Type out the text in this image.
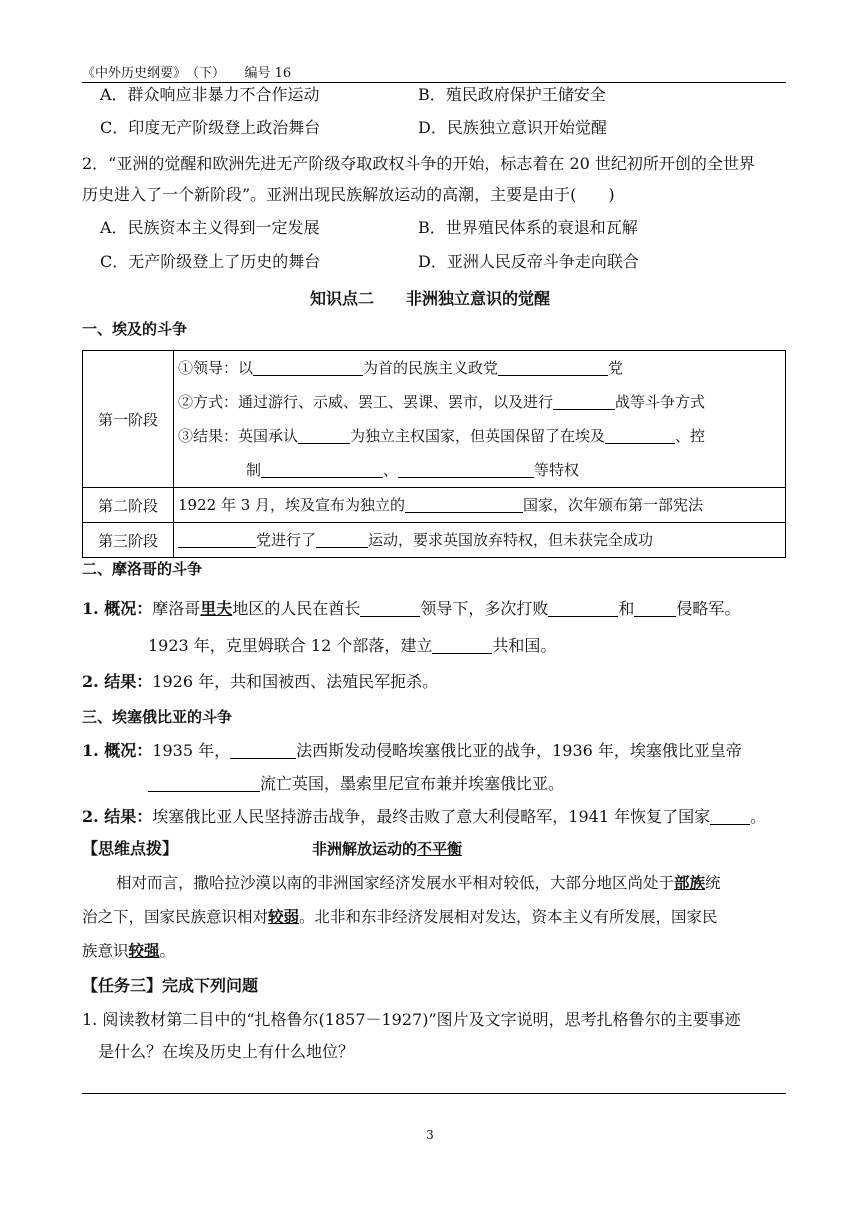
《中外历史纲要》　（下）　　编号 16
A．群众响应非暴力不合作运动	B．殖民政府保护王储安全
C．印度无产阶级登上政治舞台	D．民族独立意识开始觉醒
2．“亚洲的觉醒和欧洲先进无产阶级夺取政权斗争的开始，标志着在 20 世纪初所开创的全世界
历史进入了一个新阶段”。亚洲出现民族解放运动的高潮，主要是由于(　　)
A．民族资本主义得到一定发展	B．世界殖民体系的衰退和瓦解
C．无产阶级登上了历史的舞台	D．亚洲人民反帝斗争走向联合
知识点二　　非洲独立意识的觉醒
一、埃及的斗争
第一阶段	①领导：以 为首的民族主义政党 党
②方式：通过游行、示威、罢工、罢课、罢市，以及进行 战等斗争方式
③结果：英国承认 为独立主权国家，但英国保留了在埃及 、控
制 、 等特权

第二阶段	1922 年 3 月，埃及宣布为独立的 国家，次年颁布第一部宪法

第三阶段	党进行了 运动，要求英国放弃特权，但未获完全成功
二、摩洛哥的斗争
1. 概况：摩洛哥里夫地区的人民在酋长	领导下，多次打败	和	侵略军。
1923 年，克里姆联合 12 个部落，建立	共和国。
2. 结果：1926 年，共和国被西、法殖民军扼杀。
三、埃塞俄比亚的斗争
1. 概况：1935 年，	法西斯发动侵略埃塞俄比亚的战争，1936 年，埃塞俄比亚皇帝
流亡英国，墨索里尼宣布兼并埃塞俄比亚。
2. 结果：埃塞俄比亚人民坚持游击战争，最终击败了意大利侵略军，1941 年恢复了国家	。
【思维点拨】	非洲解放运动的不平衡
相对而言，撒哈拉沙漠以南的非洲国家经济发展水平相对较低，大部分地区尚处于部族统
治之下，国家民族意识相对较弱。北非和东非经济发展相对发达，资本主义有所发展，国家民
族意识较强。
【任务三】完成下列问题
1. 阅读教材第二目中的“扎格鲁尔(1857－1927)”图片及文字说明，思考扎格鲁尔的主要事迹
是什么？在埃及历史上有什么地位？
3
